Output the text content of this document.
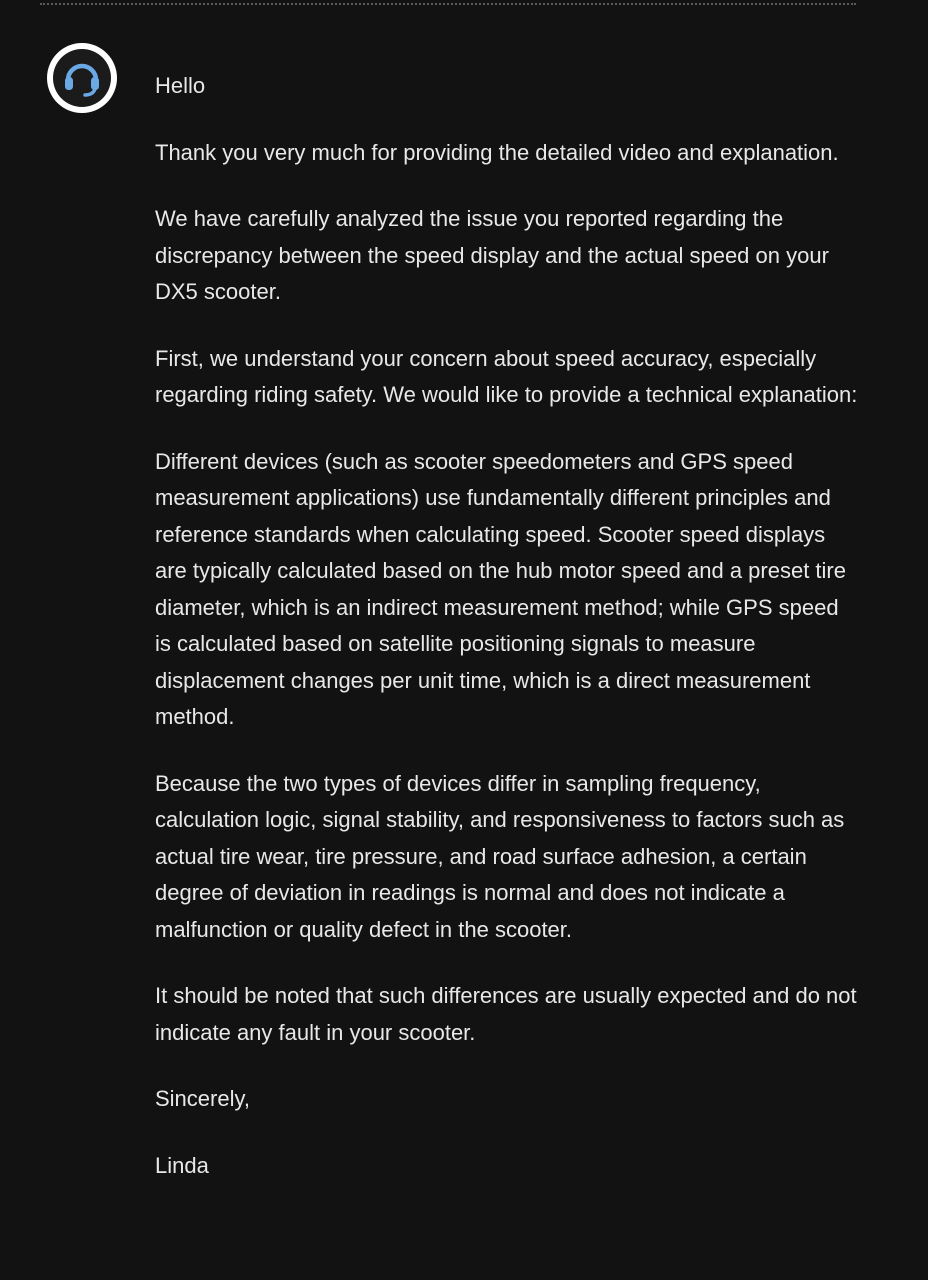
Hello

Thank you very much for providing the detailed video and explanation.

We have carefully analyzed the issue you reported regarding the discrepancy between the speed display and the actual speed on your DX5 scooter.

First, we understand your concern about speed accuracy, especially regarding riding safety. We would like to provide a technical explanation:

Different devices (such as scooter speedometers and GPS speed measurement applications) use fundamentally different principles and reference standards when calculating speed. Scooter speed displays are typically calculated based on the hub motor speed and a preset tire diameter, which is an indirect measurement method; while GPS speed is calculated based on satellite positioning signals to measure displacement changes per unit time, which is a direct measurement method.

Because the two types of devices differ in sampling frequency, calculation logic, signal stability, and responsiveness to factors such as actual tire wear, tire pressure, and road surface adhesion, a certain degree of deviation in readings is normal and does not indicate a malfunction or quality defect in the scooter.

It should be noted that such differences are usually expected and do not indicate any fault in your scooter.

Sincerely,

Linda
